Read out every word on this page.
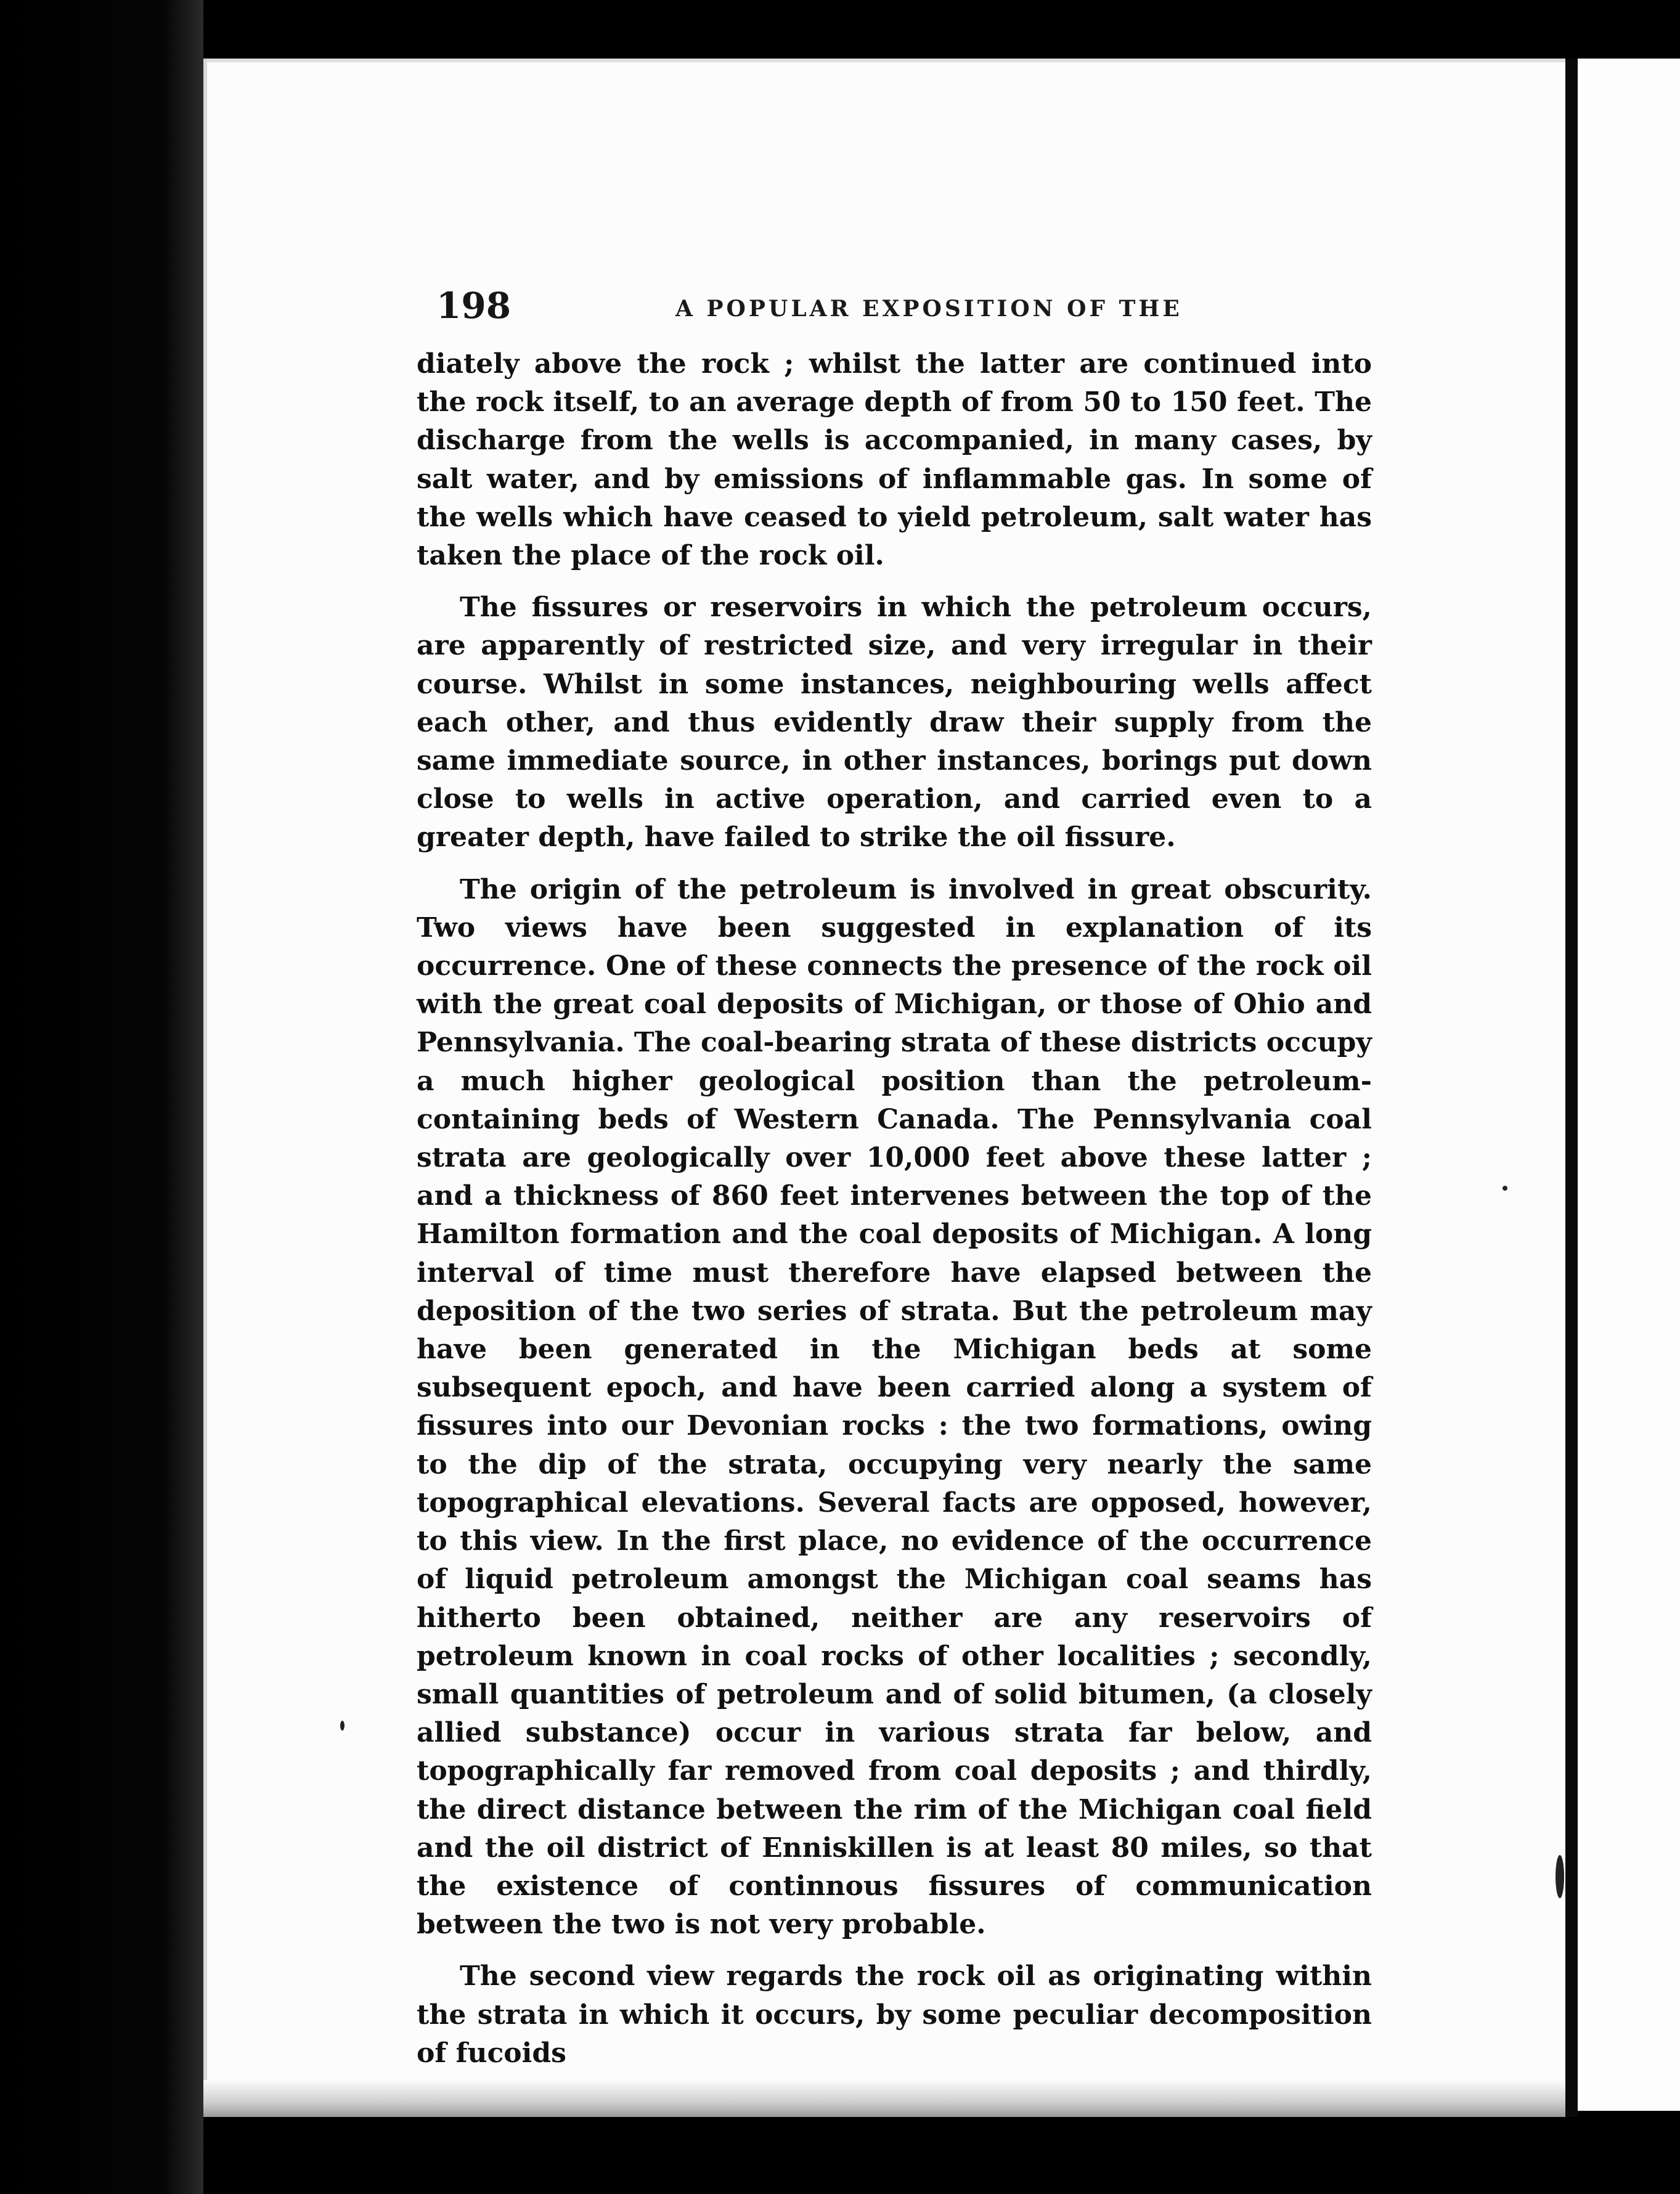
198	A POPULAR EXPOSITION OF THE

diately above the rock ; whilst the latter are continued into the rock itself, to an average depth of from 50 to 150 feet. The discharge from the wells is accompanied, in many cases, by salt water, and by emissions of inflammable gas. In some of the wells which have ceased to yield petroleum, salt water has taken the place of the rock oil.

The fissures or reservoirs in which the petroleum occurs, are apparently of restricted size, and very irregular in their course. Whilst in some instances, neighbouring wells affect each other, and thus evidently draw their supply from the same immediate source, in other instances, borings put down close to wells in active operation, and carried even to a greater depth, have failed to strike the oil fissure.

The origin of the petroleum is involved in great obscurity. Two views have been suggested in explanation of its occurrence. One of these connects the presence of the rock oil with the great coal deposits of Michigan, or those of Ohio and Pennsylvania. The coal-bearing strata of these districts occupy a much higher geological position than the petroleum-containing beds of Western Canada. The Pennsylvania coal strata are geologically over 10,000 feet above these latter ; and a thickness of 860 feet intervenes between the top of the Hamilton formation and the coal deposits of Michigan. A long interval of time must therefore have elapsed between the deposition of the two series of strata. But the petroleum may have been generated in the Michigan beds at some subsequent epoch, and have been carried along a system of fissures into our Devonian rocks : the two formations, owing to the dip of the strata, occupying very nearly the same topographical elevations. Several facts are opposed, however, to this view. In the first place, no evidence of the occurrence of liquid petroleum amongst the Michigan coal seams has hitherto been obtained, neither are any reservoirs of petroleum known in coal rocks of other localities ; secondly, small quantities of petroleum and of solid bitumen, (a closely allied substance) occur in various strata far below, and topographically far removed from coal deposits ; and thirdly, the direct distance between the rim of the Michigan coal field and the oil district of Enniskillen is at least 80 miles, so that the existence of continnous fissures of communication between the two is not very probable.

The second view regards the rock oil as originating within the strata in which it occurs, by some peculiar decomposition of fucoids
